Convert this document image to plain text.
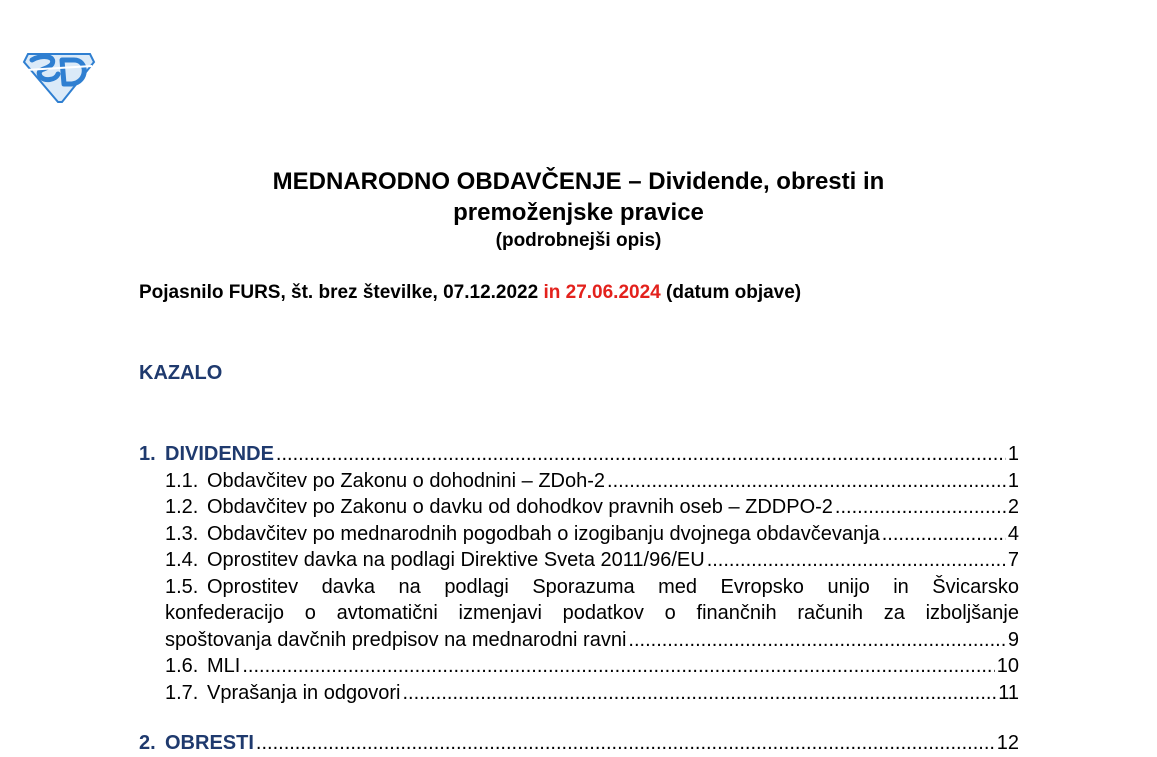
MEDNARODNO OBDAVČENJE – Dividende, obresti in

premoženjske pravice

(podrobnejši opis)

Pojasnilo FURS, št. brez številke, 07.12.2022 in 27.06.2024 (datum objave)
KAZALO
1. DIVIDENDE .....	1
1.1. Obdavčitev po Zakonu o dohodnini – ZDoh-2 .....	1
1.2. Obdavčitev po Zakonu o davku od dohodkov pravnih oseb – ZDDPO-2 .....	2
1.3. Obdavčitev po mednarodnih pogodbah o izogibanju dvojnega obdavčevanja .....	4
1.4. Oprostitev davka na podlagi Direktive Sveta 2011/96/EU .....	7
1.5. Oprostitev davka na podlagi Sporazuma med Evropsko unijo in Švicarsko
konfederacijo o avtomatični izmenjavi podatkov o finančnih računih za izboljšanje
spoštovanja davčnih predpisov na mednarodni ravni .....	9
1.6. MLI .....	10
1.7. Vprašanja in odgovori .....	11
2. OBRESTI .....	12
